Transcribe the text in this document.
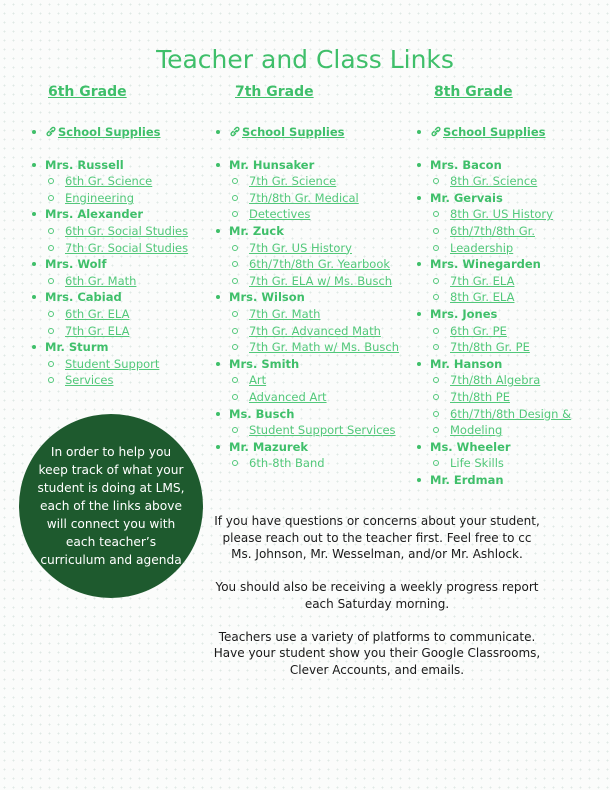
Teacher and Class Links
6th Grade
School Supplies
Mrs. Russell
6th Gr. Science
Engineering
Mrs. Alexander
6th Gr. Social Studies
7th Gr. Social Studies
Mrs. Wolf
6th Gr. Math
Mrs. Cabiad
6th Gr. ELA
7th Gr. ELA
Mr. Sturm
Student Support
Services
7th Grade
School Supplies
Mr. Hunsaker
7th Gr. Science
7th/8th Gr. Medical
Detectives
Mr. Zuck
7th Gr. US History
6th/7th/8th Gr. Yearbook
7th Gr. ELA w/ Ms. Busch
Mrs. Wilson
7th Gr. Math
7th Gr. Advanced Math
7th Gr. Math w/ Ms. Busch
Mrs. Smith
Art
Advanced Art
Ms. Busch
Student Support Services
Mr. Mazurek
6th-8th Band
8th Grade
School Supplies
Mrs. Bacon
8th Gr. Science
Mr. Gervais
8th Gr. US History
6th/7th/8th Gr.
Leadership
Mrs. Winegarden
7th Gr. ELA
8th Gr. ELA
Mrs. Jones
6th Gr. PE
7th/8th Gr. PE
Mr. Hanson
7th/8th Algebra
7th/8th PE
6th/7th/8th Design &
Modeling
Ms. Wheeler
Life Skills
Mr. Erdman
In order to help you keep track of what your student is doing at LMS, each of the links above will connect you with each teacher’s curriculum and agenda

If you have questions or concerns about your student, please reach out to the teacher first. Feel free to cc Ms. Johnson, Mr. Wesselman, and/or Mr. Ashlock.

You should also be receiving a weekly progress report each Saturday morning.

Teachers use a variety of platforms to communicate. Have your student show you their Google Classrooms, Clever Accounts, and emails.
